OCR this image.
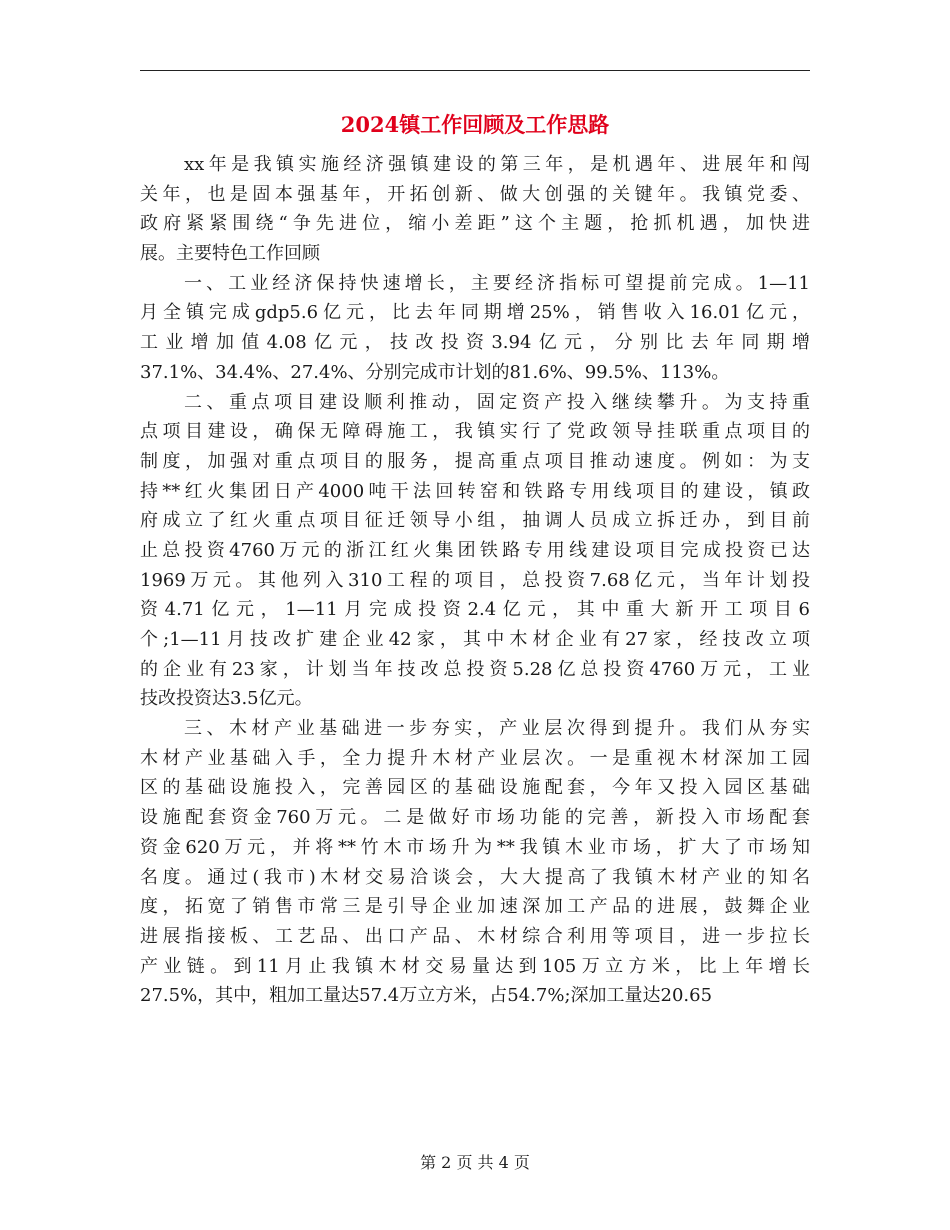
2024镇工作回顾及工作思路
xx年是我镇实施经济强镇建设的第三年，是机遇年、进展年和闯
关年，也是固本强基年，开拓创新、做大创强的关键年。我镇党委、
政府紧紧围绕“争先进位，缩小差距”这个主题，抢抓机遇，加快进
展。主要特色工作回顾
一、工业经济保持快速增长，主要经济指标可望提前完成。1—11
月全镇完成gdp5.6亿元，比去年同期增25%，销售收入16.01亿元，
工业增加值4.08亿元，技改投资3.94亿元，分别比去年同期增
37.1%、34.4%、27.4%、分别完成市计划的81.6%、99.5%、113%。
二、重点项目建设顺利推动，固定资产投入继续攀升。为支持重
点项目建设，确保无障碍施工，我镇实行了党政领导挂联重点项目的
制度，加强对重点项目的服务，提高重点项目推动速度。例如：为支
持**红火集团日产4000吨干法回转窑和铁路专用线项目的建设，镇政
府成立了红火重点项目征迁领导小组，抽调人员成立拆迁办，到目前
止总投资4760万元的浙江红火集团铁路专用线建设项目完成投资已达
1969万元。其他列入310工程的项目，总投资7.68亿元，当年计划投
资4.71亿元，1—11月完成投资2.4亿元，其中重大新开工项目6
个;1—11月技改扩建企业42家，其中木材企业有27家，经技改立项
的企业有23家，计划当年技改总投资5.28亿总投资4760万元，工业
技改投资达3.5亿元。
三、木材产业基础进一步夯实，产业层次得到提升。我们从夯实
木材产业基础入手，全力提升木材产业层次。一是重视木材深加工园
区的基础设施投入，完善园区的基础设施配套，今年又投入园区基础
设施配套资金760万元。二是做好市场功能的完善，新投入市场配套
资金620万元，并将**竹木市场升为**我镇木业市场，扩大了市场知
名度。通过(我市)木材交易洽谈会，大大提高了我镇木材产业的知名
度，拓宽了销售市常三是引导企业加速深加工产品的进展，鼓舞企业
进展指接板、工艺品、出口产品、木材综合利用等项目，进一步拉长
产业链。到11月止我镇木材交易量达到105万立方米，比上年增长
27.5%，其中，粗加工量达57.4万立方米，占54.7%;深加工量达20.65
第 2 页 共 4 页
